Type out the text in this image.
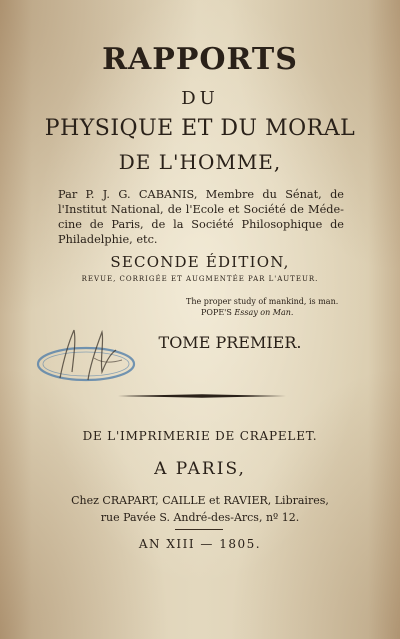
RAPPORTS
DU
PHYSIQUE ET DU MORAL
DE L'HOMME,
Par P. J. G. CABANIS, Membre du Sénat, de
l'Institut National, de l'Ecole et Société de Méde-
cine de Paris, de la Société Philosophique de
Philadelphie, etc.
SECONDE ÉDITION,
REVUE, CORRIGÉE ET AUGMENTÉE PAR L'AUTEUR.
The proper study of mankind, is man.
POPE'S Essay on Man.
TOME PREMIER.
DE L'IMPRIMERIE DE CRAPELET.
A PARIS,
Chez CRAPART, CAILLE et RAVIER, Libraires,
rue Pavée S. André-des-Arcs, nº 12.
AN XIII — 1805.
